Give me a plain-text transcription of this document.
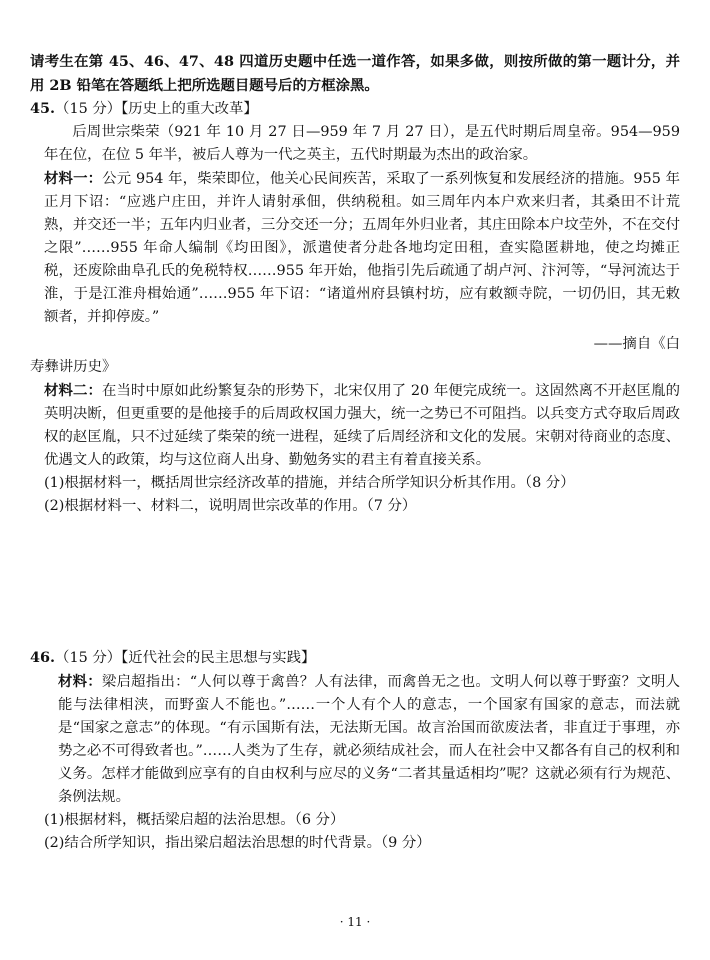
请考生在第 45、46、47、48 四道历史题中任选一道作答，如果多做，则按所做的第一题计分，并用 2B 铅笔在答题纸上把所选题目题号后的方框涂黑。

45.（15 分）【历史上的重大改革】

后周世宗柴荣（921 年 10 月 27 日—959 年 7 月 27 日），是五代时期后周皇帝。954—959 年在位，在位 5 年半，被后人尊为一代之英主，五代时期最为杰出的政治家。

材料一：公元 954 年，柴荣即位，他关心民间疾苦，采取了一系列恢复和发展经济的措施。955 年正月下诏：“应逃户庄田，并许人请射承佃，供纳税租。如三周年内本户欢来归者，其桑田不计荒熟，并交还一半；五年内归业者，三分交还一分；五周年外归业者，其庄田除本户坟茔外，不在交付之限”……955 年命人编制《均田图》，派遣使者分赴各地均定田租，查实隐匿耕地，使之均摊正税，还废除曲阜孔氏的免税特权……955 年开始，他指引先后疏通了胡卢河、汴河等，“导河流达于淮，于是江淮舟楫始通”……955 年下诏：“诸道州府县镇村坊，应有敕额寺院，一切仍旧，其无敕额者，并抑停废。”

——摘自《白

寿彝讲历史》

材料二：在当时中原如此纷繁复杂的形势下，北宋仅用了 20 年便完成统一。这固然离不开赵匡胤的英明决断，但更重要的是他接手的后周政权国力强大，统一之势已不可阻挡。以兵变方式夺取后周政权的赵匡胤，只不过延续了柴荣的统一进程，延续了后周经济和文化的发展。宋朝对待商业的态度、优遇文人的政策，均与这位商人出身、勤勉务实的君主有着直接关系。

(1)根据材料一，概括周世宗经济改革的措施，并结合所学知识分析其作用。（8 分）

(2)根据材料一、材料二，说明周世宗改革的作用。（7 分）

46.（15 分）【近代社会的民主思想与实践】

材料：梁启超指出：“人何以尊于禽兽？人有法律，而禽兽无之也。文明人何以尊于野蛮？文明人能与法律相浃，而野蛮人不能也。”……一个人有个人的意志，一个国家有国家的意志，而法就是“国家之意志”的体现。“有示国斯有法，无法斯无国。故言治国而欲废法者，非直迂于事理，亦势之必不可得致者也。”……人类为了生存，就必须结成社会，而人在社会中又都各有自己的权利和义务。怎样才能做到应享有的自由权利与应尽的义务“二者其量适相均”呢？这就必须有行为规范、条例法规。

(1)根据材料，概括梁启超的法治思想。（6 分）

(2)结合所学知识，指出梁启超法治思想的时代背景。（9 分）

· 11 ·
